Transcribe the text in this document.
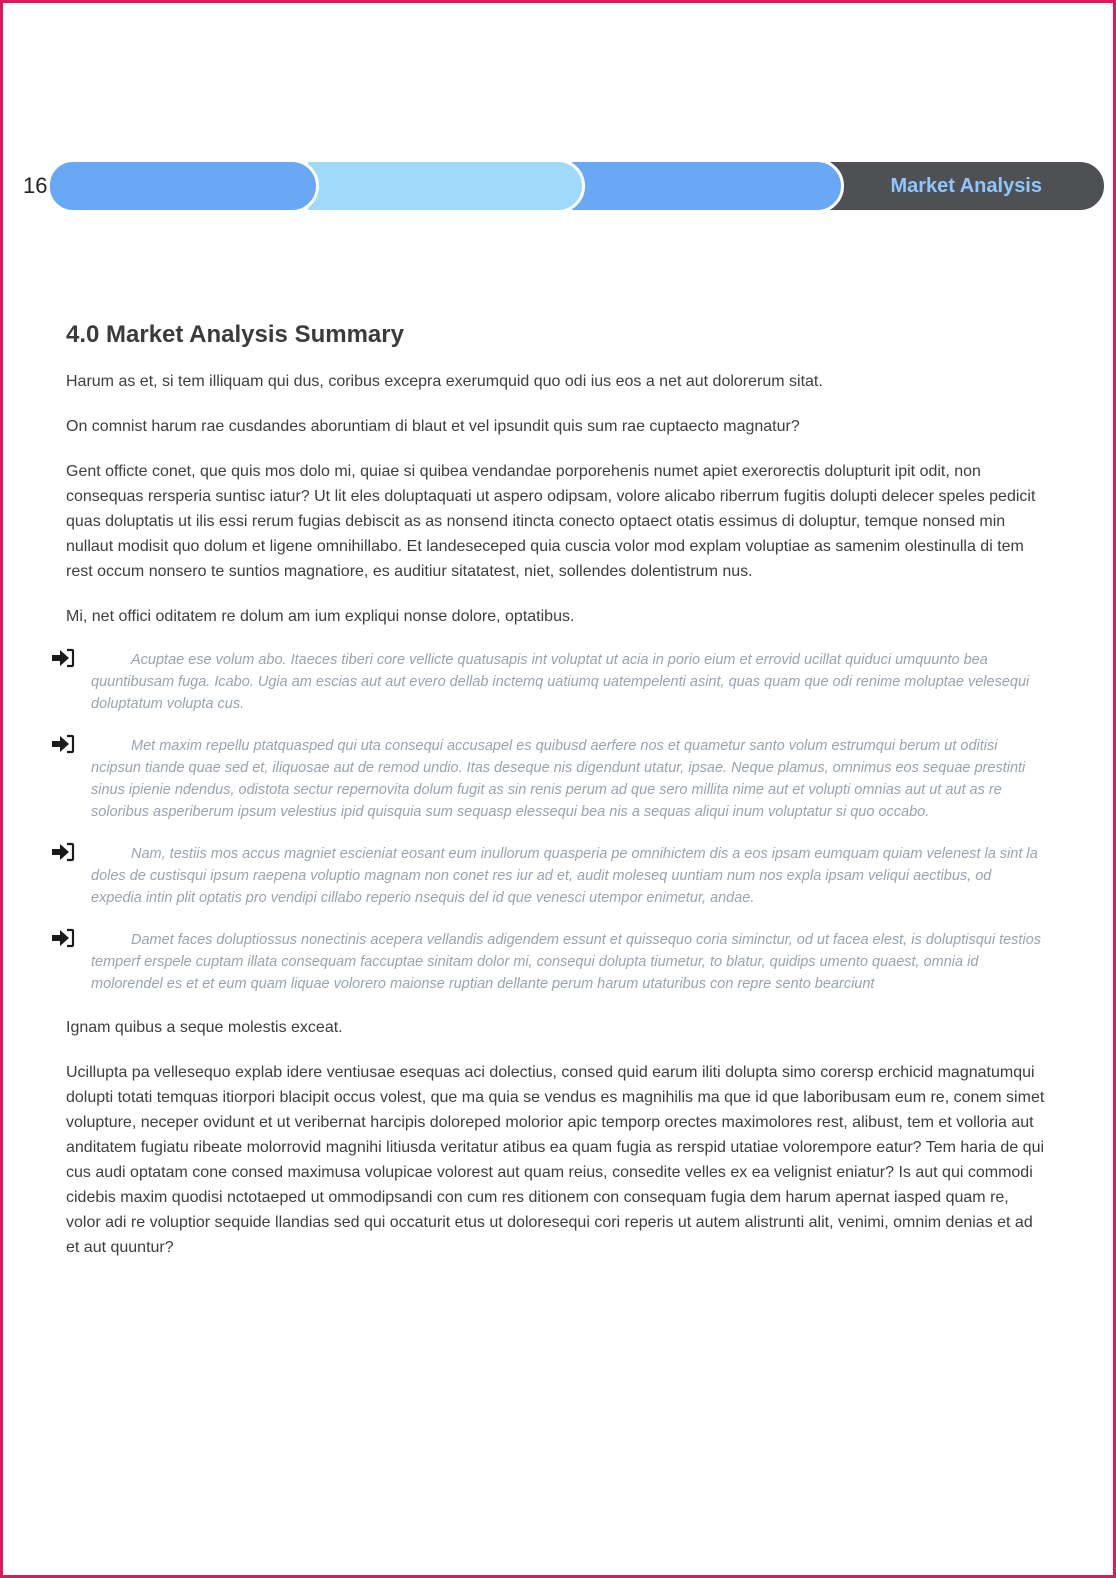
16	Market Analysis
4.0 Market Analysis Summary

Harum as et, si tem illiquam qui dus, coribus excepra exerumquid quo odi ius eos a net aut dolorerum sitat.

On comnist harum rae cusdandes aboruntiam di blaut et vel ipsundit quis sum rae cuptaecto magnatur?

Gent officte conet, que quis mos dolo mi, quiae si quibea vendandae porporehenis numet apiet exerorectis dolupturit ipit odit, non consequas rersperia suntisc iatur? Ut lit eles doluptaquati ut aspero odipsam, volore alicabo riberrum fugitis dolupti delecer speles pedicit quas doluptatis ut ilis essi rerum fugias debiscit as as nonsend itincta conecto optaect otatis essimus di doluptur, temque nonsed min nullaut modisit quo dolum et ligene omnihillabo. Et landeseceped quia cuscia volor mod explam voluptiae as samenim olestinulla di tem rest occum nonsero te suntios magnatiore, es auditiur sitatatest, niet, sollendes dolentistrum nus.

Mi, net offici oditatem re dolum am ium expliqui nonse dolore, optatibus.

Acuptae ese volum abo. Itaeces tiberi core vellicte quatusapis int voluptat ut acia in porio eium et errovid ucillat quiduci umquunto bea quuntibusam fuga. Icabo. Ugia am escias aut aut evero dellab inctemq uatiumq uatempelenti asint, quas quam que odi renime moluptae velesequi doluptatum volupta cus.
Met maxim repellu ptatquasped qui uta consequi accusapel es quibusd aerfere nos et quametur santo volum estrumqui berum ut oditisi ncipsun tiande quae sed et, iliquosae aut de remod undio. Itas deseque nis digendunt utatur, ipsae. Neque plamus, omnimus eos sequae prestinti sinus ipienie ndendus, odistota sectur repernovita dolum fugit as sin renis perum ad que sero millita nime aut et volupti omnias aut ut aut as re soloribus asperiberum ipsum velestius ipid quisquia sum sequasp elessequi bea nis a sequas aliqui inum voluptatur si quo occabo.
Nam, testiis mos accus magniet escieniat eosant eum inullorum quasperia pe omnihictem dis a eos ipsam eumquam quiam velenest la sint la doles de custisqui ipsum raepena voluptio magnam non conet res iur ad et, audit moleseq uuntiam num nos expla ipsam veliqui aectibus, od expedia intin plit optatis pro vendipi cillabo reperio nsequis del id que venesci utempor enimetur, andae.
Damet faces doluptiossus nonectinis acepera vellandis adigendem essunt et quissequo coria siminctur, od ut facea elest, is doluptisqui testios temperf erspele cuptam illata consequam faccuptae sinitam dolor mi, consequi dolupta tiumetur, to blatur, quidips umento quaest, omnia id molorendel es et et eum quam liquae volorero maionse ruptian dellante perum harum utaturibus con repre sento bearciunt

Ignam quibus a seque molestis exceat.

Ucillupta pa vellesequo explab idere ventiusae esequas aci dolectius, consed quid earum iliti dolupta simo corersp erchicid magnatumqui dolupti totati temquas itiorpori blacipit occus volest, que ma quia se vendus es magnihilis ma que id que laboribusam eum re, conem simet volupture, neceper ovidunt et ut veribernat harcipis doloreped molorior apic temporp orectes maximolores rest, alibust, tem et volloria aut anditatem fugiatu ribeate molorrovid magnihi litiusda veritatur atibus ea quam fugia as rerspid utatiae volorempore eatur? Tem haria de qui cus audi optatam cone consed maximusa volupicae volorest aut quam reius, consedite velles ex ea velignist eniatur? Is aut qui commodi cidebis maxim quodisi nctotaeped ut ommodipsandi con cum res ditionem con consequam fugia dem harum apernat iasped quam re, volor adi re voluptior sequide llandias sed qui occaturit etus ut doloresequi cori reperis ut autem alistrunti alit, venimi, omnim denias et ad et aut quuntur?
